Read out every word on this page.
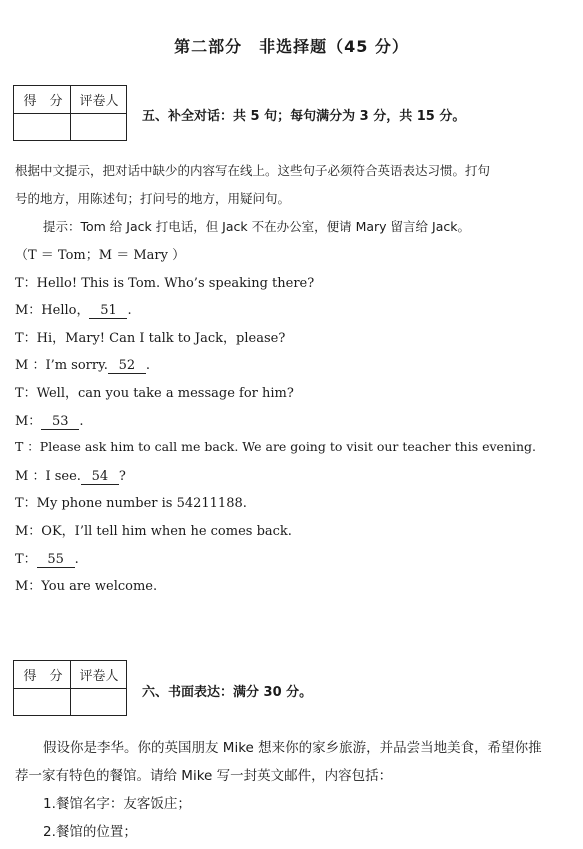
第二部分　非选择题（45 分）
得　分	评卷人
五、补全对话：共 5 句；每句满分为 3 分，共 15 分。
根据中文提示，把对话中缺少的内容写在线上。这些句子必须符合英语表达习惯。打句
号的地方，用陈述句；打问号的地方，用疑问句。
提示：Tom 给 Jack 打电话，但 Jack 不在办公室，便请 Mary 留言给 Jack。
（T ＝ Tom；M ＝ Mary ）
T：Hello! This is Tom. Who’s speaking there?
M：Hello， 51 .
T：Hi，Mary! Can I talk to Jack，please?
M ：I’m sorry. 52 .
T：Well，can you take a message for him?
M： 53 .
T ：Please ask him to call me back. We are going to visit our teacher this evening.
M ：I see. 54 ?
T：My phone number is 54211188.
M：OK，I’ll tell him when he comes back.
T： 55 .
M：You are welcome.
得　分	评卷人
六、书面表达：满分 30 分。
假设你是李华。你的英国朋友 Mike 想来你的家乡旅游，并品尝当地美食，希望你推
荐一家有特色的餐馆。请给 Mike 写一封英文邮件，内容包括：
1.餐馆名字：友客饭庄；
2.餐馆的位置；
